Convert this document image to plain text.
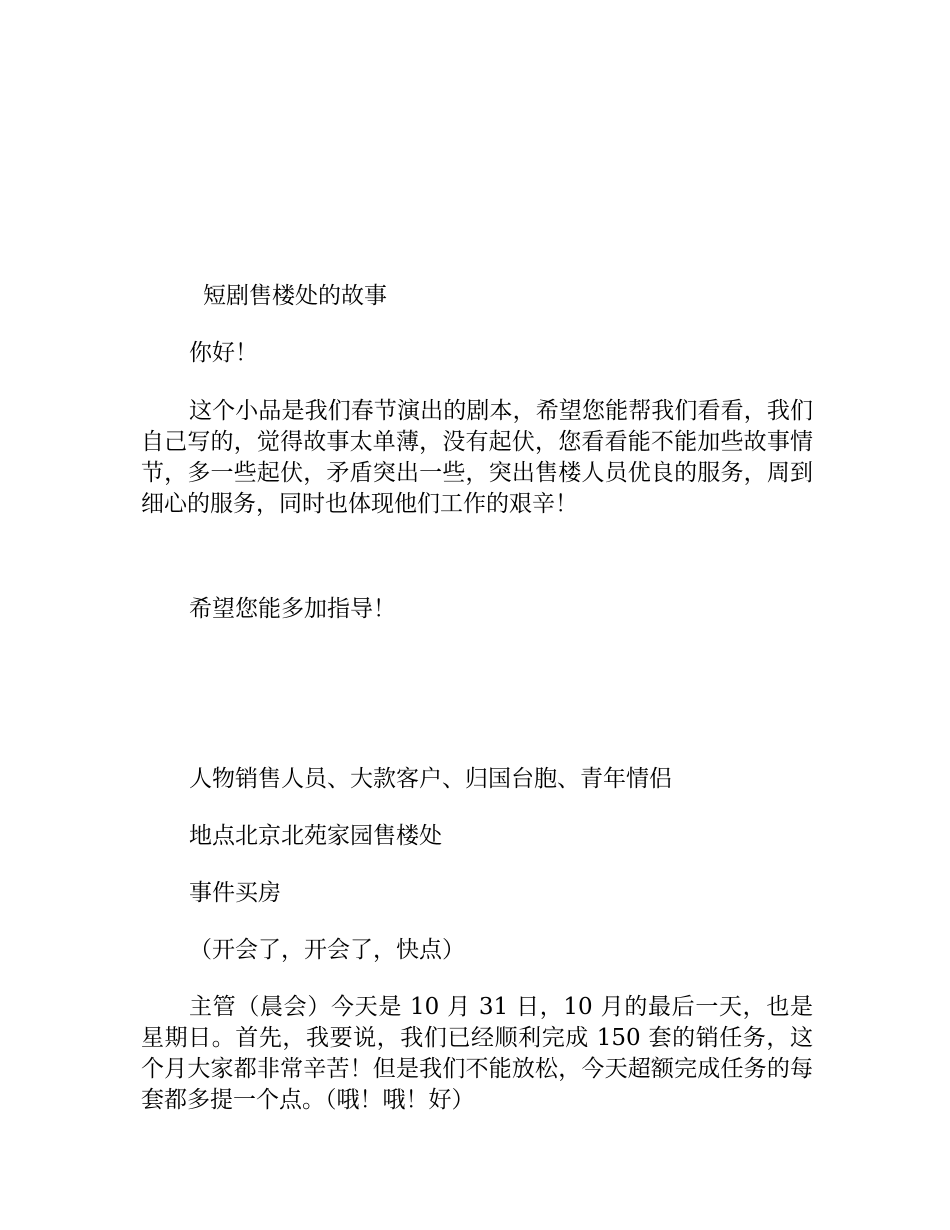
短剧售楼处的故事

你好！

这个小品是我们春节演出的剧本，希望您能帮我们看看，我们自己写的，觉得故事太单薄，没有起伏，您看看能不能加些故事情节，多一些起伏，矛盾突出一些，突出售楼人员优良的服务，周到细心的服务，同时也体现他们工作的艰辛！

希望您能多加指导！

人物销售人员、大款客户、归国台胞、青年情侣

地点北京北苑家园售楼处

事件买房

（开会了，开会了，快点）

主管（晨会）今天是 10 月 31 日，10 月的最后一天，也是星期日。首先，我要说，我们已经顺利完成 150 套的销任务，这个月大家都非常辛苦！但是我们不能放松，今天超额完成任务的每套都多提一个点。（哦！哦！好）
